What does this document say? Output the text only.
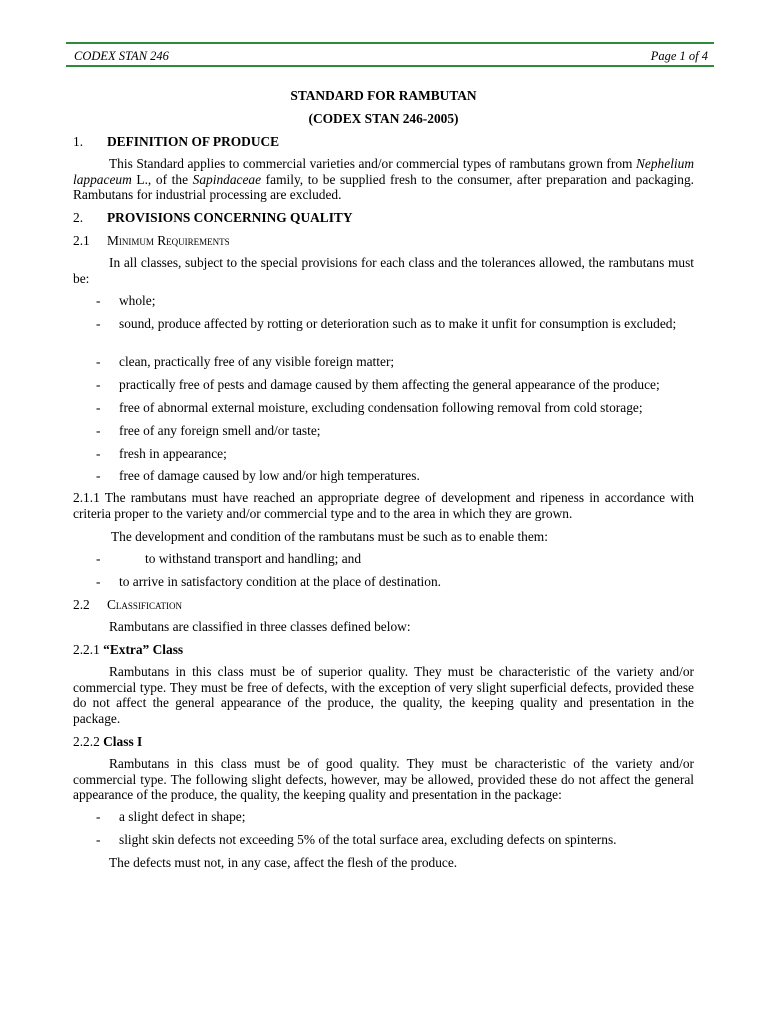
CODEX STAN 246	Page 1 of 4
STANDARD FOR RAMBUTAN
(CODEX STAN 246-2005)
1. DEFINITION OF PRODUCE
This Standard applies to commercial varieties and/or commercial types of rambutans grown from Nephelium lappaceum L., of the Sapindaceae family, to be supplied fresh to the consumer, after preparation and packaging. Rambutans for industrial processing are excluded.
2. PROVISIONS CONCERNING QUALITY
2.1 Minimum Requirements
In all classes, subject to the special provisions for each class and the tolerances allowed, the rambutans must be:
- whole;
- sound, produce affected by rotting or deterioration such as to make it unfit for consumption is excluded;
- clean, practically free of any visible foreign matter;
- practically free of pests and damage caused by them affecting the general appearance of the produce;
- free of abnormal external moisture, excluding condensation following removal from cold storage;
- free of any foreign smell and/or taste;
- fresh in appearance;
- free of damage caused by low and/or high temperatures.
2.1.1 The rambutans must have reached an appropriate degree of development and ripeness in accordance with criteria proper to the variety and/or commercial type and to the area in which they are grown.
The development and condition of the rambutans must be such as to enable them:
-	to withstand transport and handling; and
- to arrive in satisfactory condition at the place of destination.
2.2 Classification
Rambutans are classified in three classes defined below:
2.2.1 “Extra” Class
Rambutans in this class must be of superior quality. They must be characteristic of the variety and/or commercial type. They must be free of defects, with the exception of very slight superficial defects, provided these do not affect the general appearance of the produce, the quality, the keeping quality and presentation in the package.
2.2.2 Class I
Rambutans in this class must be of good quality. They must be characteristic of the variety and/or commercial type. The following slight defects, however, may be allowed, provided these do not affect the general appearance of the produce, the quality, the keeping quality and presentation in the package:
- a slight defect in shape;
- slight skin defects not exceeding 5% of the total surface area, excluding defects on spinterns.
The defects must not, in any case, affect the flesh of the produce.
